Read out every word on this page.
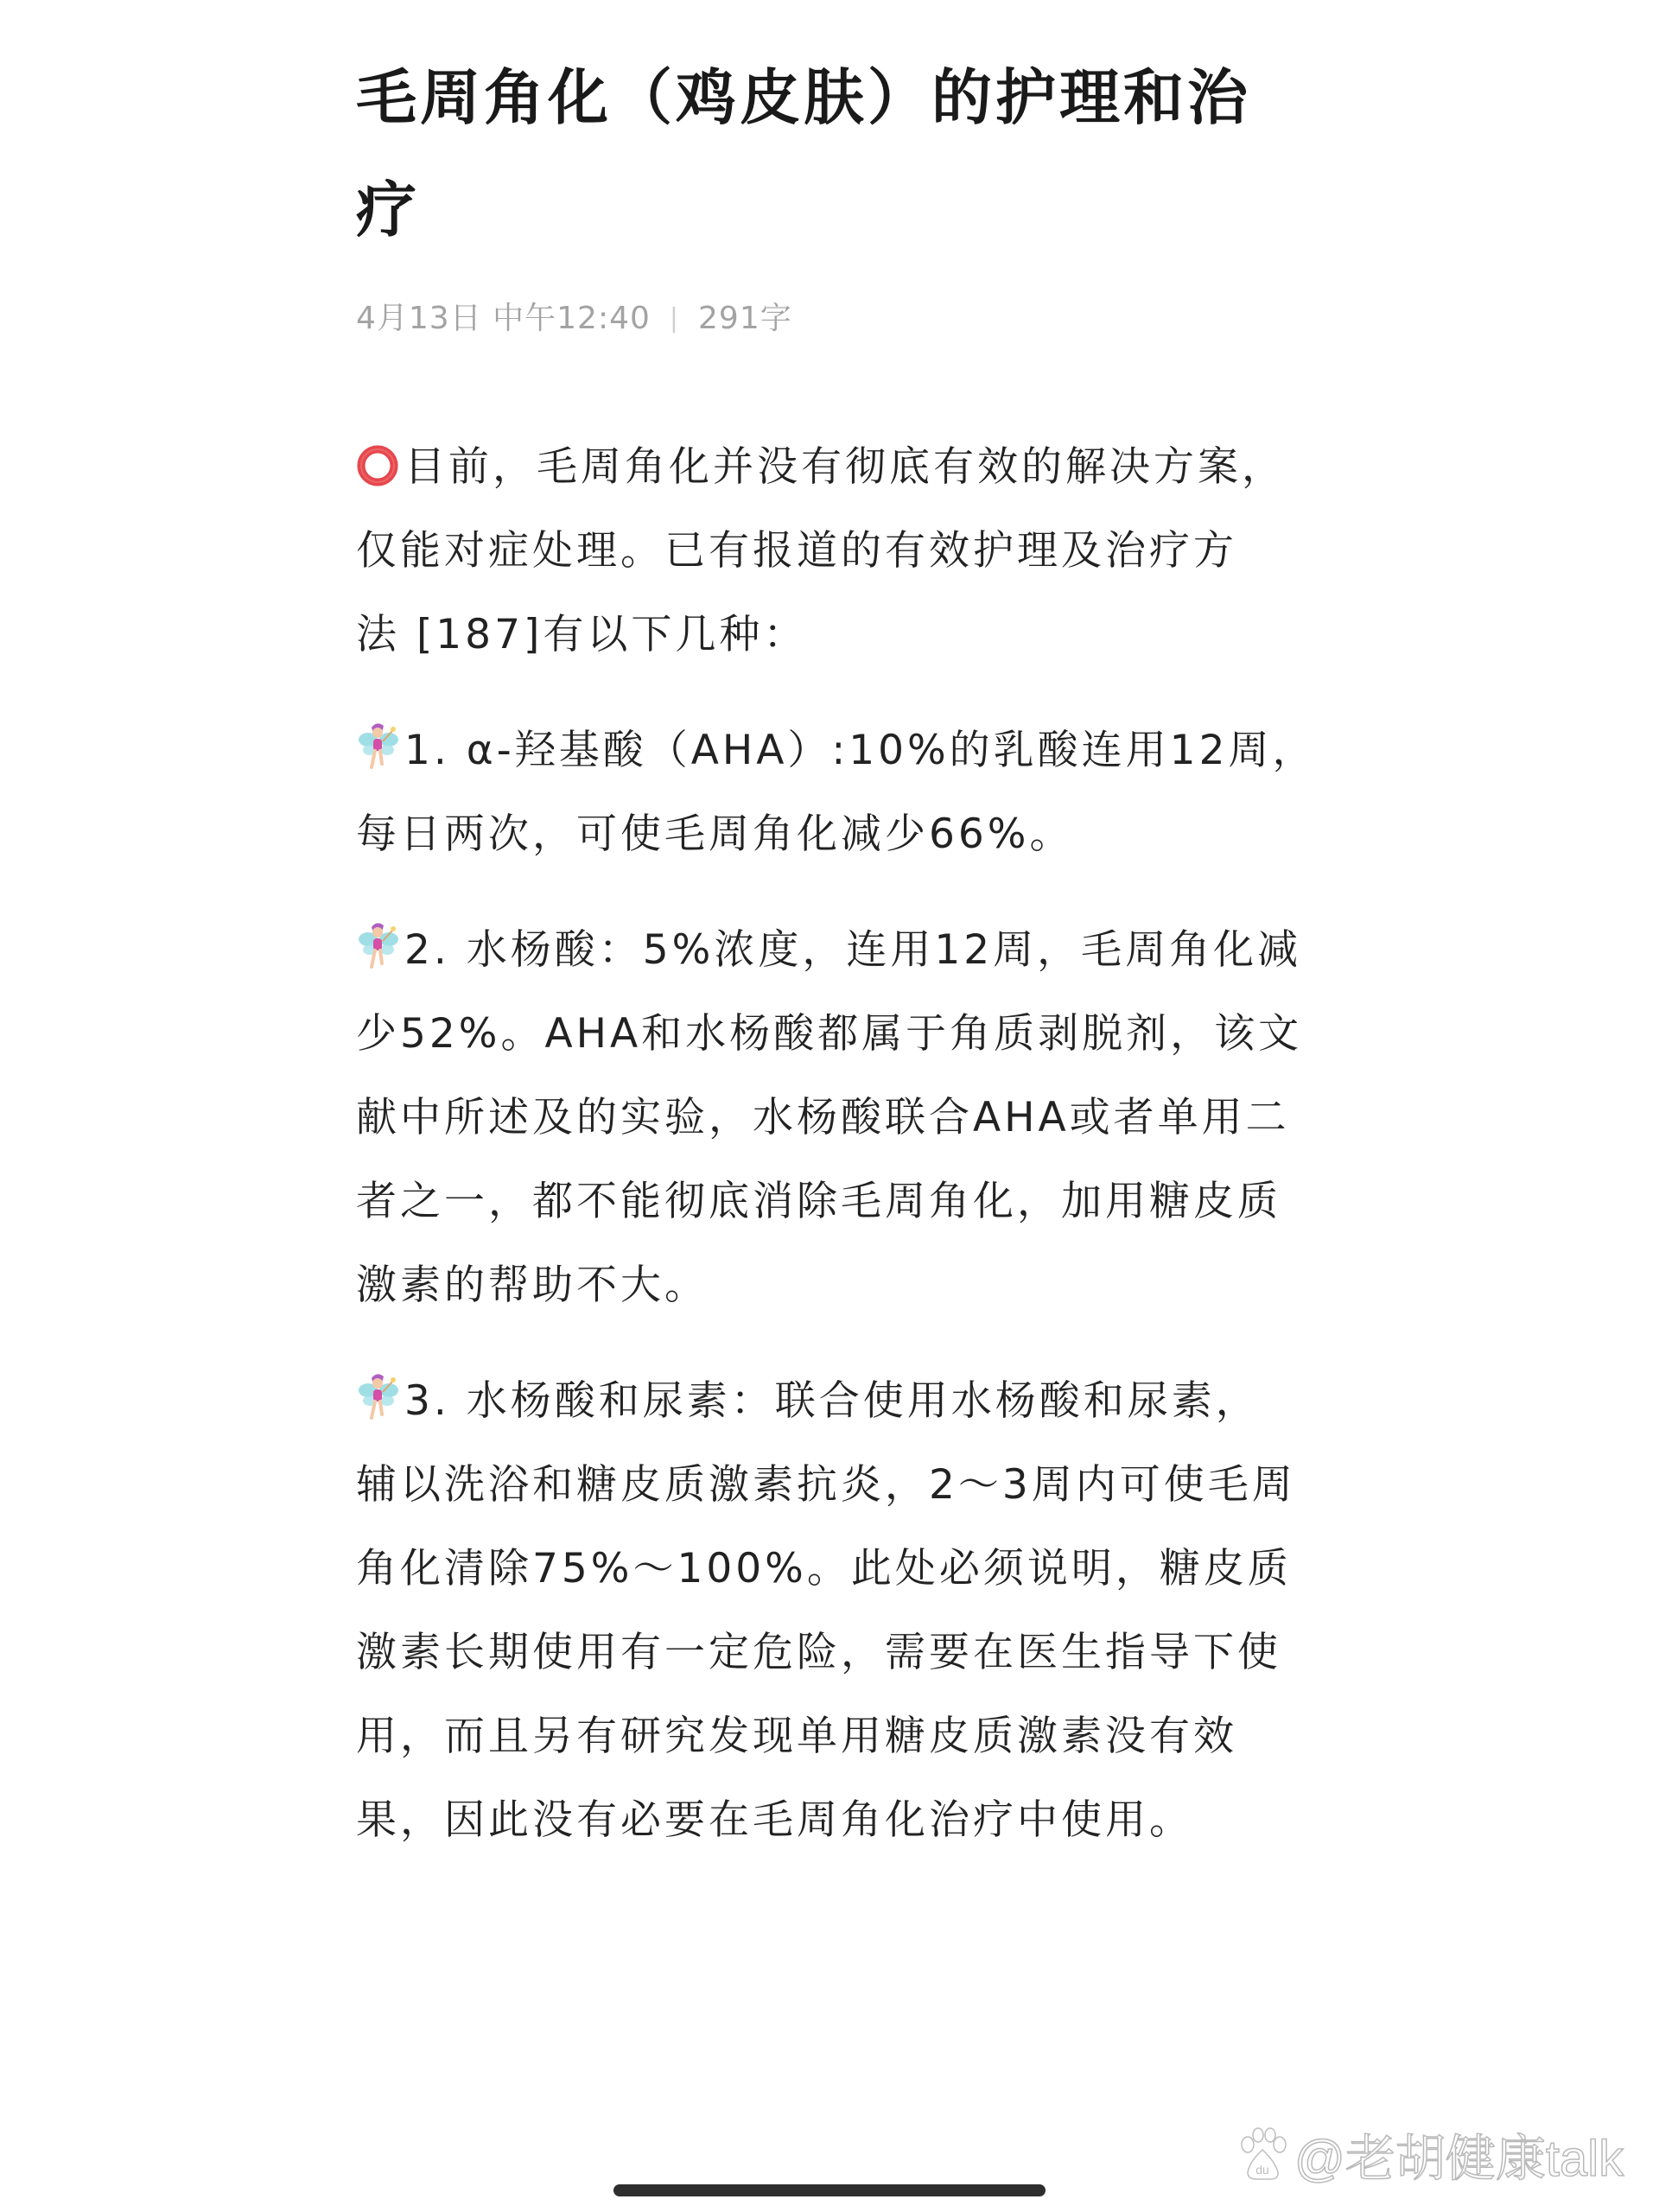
毛周角化（鸡皮肤）的护理和治
疗
4月13日 中午12:40 | 291字
目前，毛周角化并没有彻底有效的解决方案，
仅能对症处理。已有报道的有效护理及治疗方
法 [187]有以下几种：
1. α-羟基酸（AHA）:10%的乳酸连用12周，
每日两次，可使毛周角化减少66%。
2. 水杨酸：5%浓度，连用12周，毛周角化减
少52%。AHA和水杨酸都属于角质剥脱剂，该文
献中所述及的实验，水杨酸联合AHA或者单用二
者之一，都不能彻底消除毛周角化，加用糖皮质
激素的帮助不大。
3. 水杨酸和尿素：联合使用水杨酸和尿素，
辅以洗浴和糖皮质激素抗炎，2～3周内可使毛周
角化清除75%～100%。此处必须说明，糖皮质
激素长期使用有一定危险，需要在医生指导下使
用，而且另有研究发现单用糖皮质激素没有效
果，因此没有必要在毛周角化治疗中使用。
du @老胡健康talk
